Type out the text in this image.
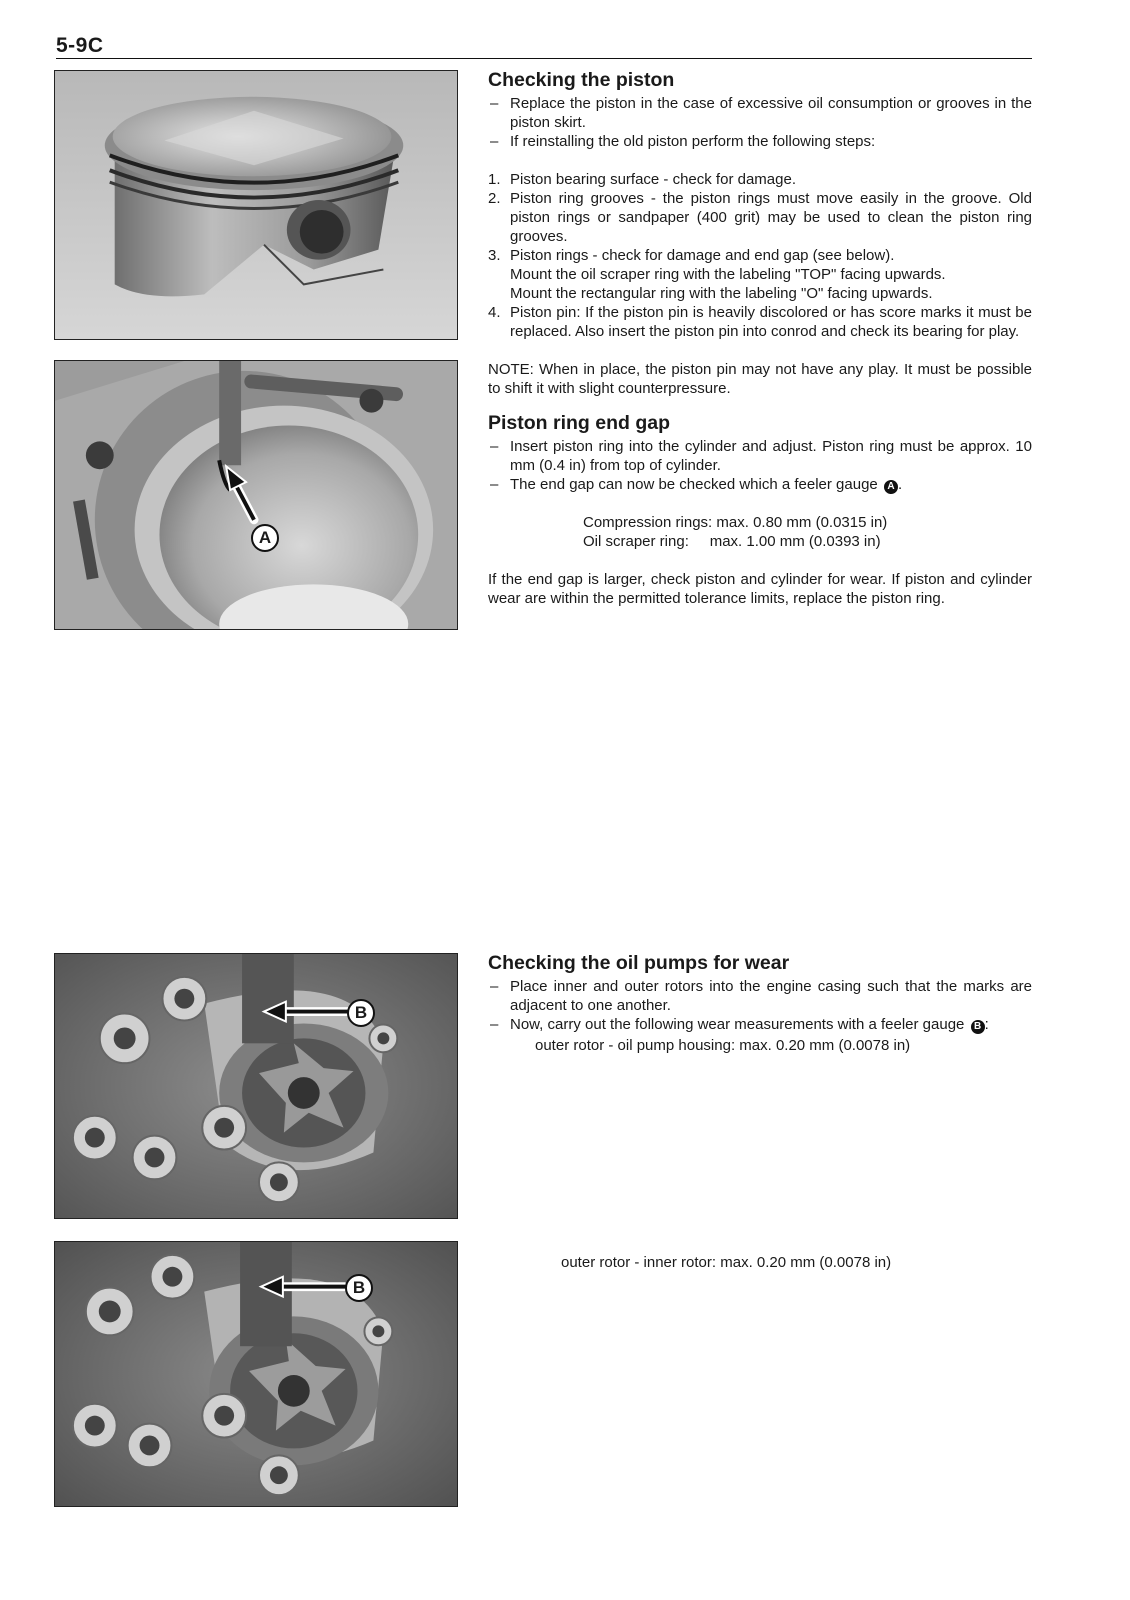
5-9C
A
B
B
Checking the piston
– Replace the piston in the case of excessive oil consumption or grooves in the piston skirt.
– If reinstalling the old piston perform the following steps:
1. Piston bearing surface - check for damage.
2. Piston ring grooves - the piston rings must move easily in the groove. Old piston rings or sandpaper (400 grit) may be used to clean the piston ring grooves.
3. Piston rings - check for damage and end gap (see below).
Mount the oil scraper ring with the labeling "TOP" facing upwards.
Mount the rectangular ring with the labeling "O" facing upwards.
4. Piston pin: If the piston pin is heavily discolored or has score marks it must be replaced. Also insert the piston pin into conrod and check its bearing for play.
NOTE: When in place, the piston pin may not have any play. It must be possible to shift it with slight counterpressure.
Piston ring end gap
– Insert piston ring into the cylinder and adjust. Piston ring must be approx. 10 mm (0.4 in) from top of cylinder.
– The end gap can now be checked which a feeler gauge A .
Compression rings: max. 0.80 mm (0.0315 in)
Oil scraper ring: max. 1.00 mm (0.0393 in)
If the end gap is larger, check piston and cylinder for wear. If piston and cylinder wear are within the permitted tolerance limits, replace the piston ring.
Checking the oil pumps for wear
– Place inner and outer rotors into the engine casing such that the marks are adjacent to one another.
– Now, carry out the following wear measurements with a feeler gauge B :
outer rotor - oil pump housing: max. 0.20 mm (0.0078 in)
outer rotor - inner rotor: max. 0.20 mm (0.0078 in)
